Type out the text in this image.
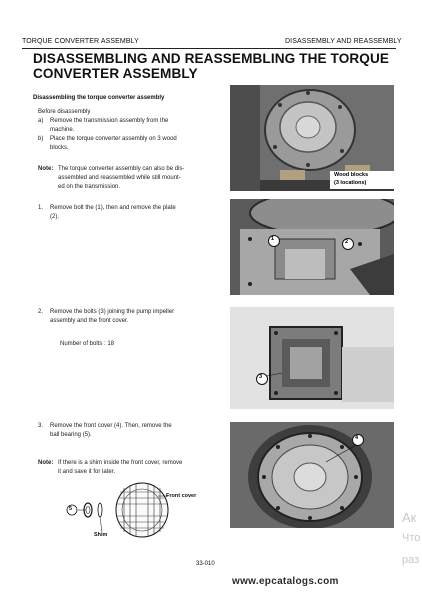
TORQUE CONVERTER ASSEMBLY	DISASSEMBLY AND REASSEMBLY
DISASSEMBLING AND REASSEMBLING THE TORQUE
CONVERTER ASSEMBLY
Disassembling the torque converter assembly
Before disassembly
a) Remove the transmission assembly from the
machine.
b) Place the torque converter assembly on 3 wood
blocks.
Note: The torque converter assembly can also be dis-
assembled and reassembled while still mount-
ed on the transmission.
1. Remove bolt the (1), then and remove the plate
(2).
2. Remove the bolts (3) joining the pump impeller
assembly and the front cover.
Number of bolts : 18
3. Remove the front cover (4). Then, remove the
ball bearing (5).
Note: If there is a shim inside the front cover, remove
it and save it for later.
5
Front cover
Shim
Wood blocks
(3 locations)
1	2
3
4
33-010
www.epcatalogs.com
Ак
Что
раз
